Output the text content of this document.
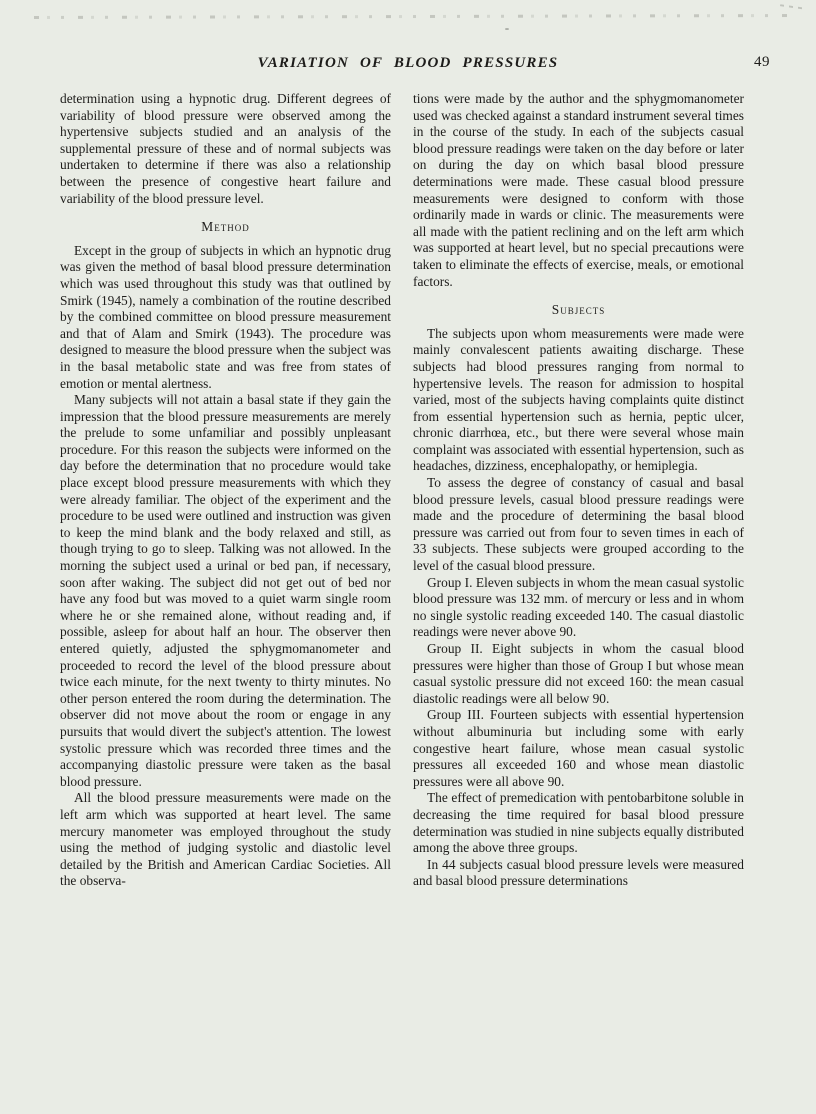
VARIATION OF BLOOD PRESSURES	49

determination using a hypnotic drug. Different degrees of variability of blood pressure were observed among the hypertensive subjects studied and an analysis of the supplemental pressure of these and of normal subjects was undertaken to determine if there was also a relationship between the presence of congestive heart failure and variability of the blood pressure level.

Method

Except in the group of subjects in which an hypnotic drug was given the method of basal blood pressure determination which was used throughout this study was that outlined by Smirk (1945), namely a combination of the routine described by the combined committee on blood pressure measurement and that of Alam and Smirk (1943). The procedure was designed to measure the blood pressure when the subject was in the basal metabolic state and was free from states of emotion or mental alertness.

Many subjects will not attain a basal state if they gain the impression that the blood pressure measurements are merely the prelude to some unfamiliar and possibly unpleasant procedure. For this reason the subjects were informed on the day before the determination that no procedure would take place except blood pressure measurements with which they were already familiar. The object of the experiment and the procedure to be used were outlined and instruction was given to keep the mind blank and the body relaxed and still, as though trying to go to sleep. Talking was not allowed. In the morning the subject used a urinal or bed pan, if necessary, soon after waking. The subject did not get out of bed nor have any food but was moved to a quiet warm single room where he or she remained alone, without reading and, if possible, asleep for about half an hour. The observer then entered quietly, adjusted the sphygmomanometer and proceeded to record the level of the blood pressure about twice each minute, for the next twenty to thirty minutes. No other person entered the room during the determination. The observer did not move about the room or engage in any pursuits that would divert the subject's attention. The lowest systolic pressure which was recorded three times and the accompanying diastolic pressure were taken as the basal blood pressure.

All the blood pressure measurements were made on the left arm which was supported at heart level. The same mercury manometer was employed throughout the study using the method of judging systolic and diastolic level detailed by the British and American Cardiac Societies. All the observa-

tions were made by the author and the sphygmomanometer used was checked against a standard instrument several times in the course of the study. In each of the subjects casual blood pressure readings were taken on the day before or later on during the day on which basal blood pressure determinations were made. These casual blood pressure measurements were designed to conform with those ordinarily made in wards or clinic. The measurements were all made with the patient reclining and on the left arm which was supported at heart level, but no special precautions were taken to eliminate the effects of exercise, meals, or emotional factors.

Subjects

The subjects upon whom measurements were made were mainly convalescent patients awaiting discharge. These subjects had blood pressures ranging from normal to hypertensive levels. The reason for admission to hospital varied, most of the subjects having complaints quite distinct from essential hypertension such as hernia, peptic ulcer, chronic diarrhœa, etc., but there were several whose main complaint was associated with essential hypertension, such as headaches, dizziness, encephalopathy, or hemiplegia.

To assess the degree of constancy of casual and basal blood pressure levels, casual blood pressure readings were made and the procedure of determining the basal blood pressure was carried out from four to seven times in each of 33 subjects. These subjects were grouped according to the level of the casual blood pressure.

Group I. Eleven subjects in whom the mean casual systolic blood pressure was 132 mm. of mercury or less and in whom no single systolic reading exceeded 140. The casual diastolic readings were never above 90.

Group II. Eight subjects in whom the casual blood pressures were higher than those of Group I but whose mean casual systolic pressure did not exceed 160: the mean casual diastolic readings were all below 90.

Group III. Fourteen subjects with essential hypertension without albuminuria but including some with early congestive heart failure, whose mean casual systolic pressures all exceeded 160 and whose mean diastolic pressures were all above 90.

The effect of premedication with pentobarbitone soluble in decreasing the time required for basal blood pressure determination was studied in nine subjects equally distributed among the above three groups.

In 44 subjects casual blood pressure levels were measured and basal blood pressure determinations
